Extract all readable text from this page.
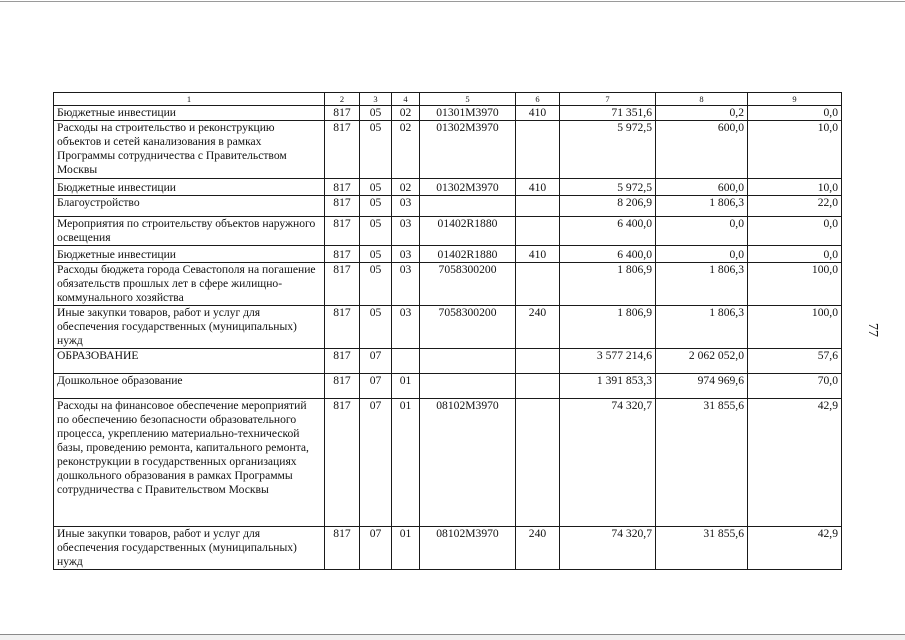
77
1	2	3	4	5	6	7	8	9
Бюджетные инвестиции	817	05	02	01301М3970	410	71 351,6	0,2	0,0
Расходы на строительство и реконструкцию объектов и сетей канализования в рамках Программы сотрудничества с Правительством Москвы	817	05	02	01302М3970		5 972,5	600,0	10,0
Бюджетные инвестиции	817	05	02	01302М3970	410	5 972,5	600,0	10,0
Благоустройство	817	05	03			8 206,9	1 806,3	22,0
Мероприятия по строительству объектов наружного освещения	817	05	03	01402R1880		6 400,0	0,0	0,0
Бюджетные инвестиции	817	05	03	01402R1880	410	6 400,0	0,0	0,0
Расходы бюджета города Севастополя на погашение обязательств прошлых лет в сфере жилищно-коммунального хозяйства	817	05	03	7058300200		1 806,9	1 806,3	100,0
Иные закупки товаров, работ и услуг для обеспечения государственных (муниципальных) нужд	817	05	03	7058300200	240	1 806,9	1 806,3	100,0
ОБРАЗОВАНИЕ	817	07				3 577 214,6	2 062 052,0	57,6
Дошкольное образование	817	07	01			1 391 853,3	974 969,6	70,0
Расходы на финансовое обеспечение мероприятий по обеспечению безопасности образовательного процесса, укреплению материально-технической базы, проведению ремонта, капитального ремонта, реконструкции в государственных организациях дошкольного образования в рамках Программы сотрудничества с Правительством Москвы	817	07	01	08102М3970		74 320,7	31 855,6	42,9
Иные закупки товаров, работ и услуг для обеспечения государственных (муниципальных) нужд	817	07	01	08102М3970	240	74 320,7	31 855,6	42,9
